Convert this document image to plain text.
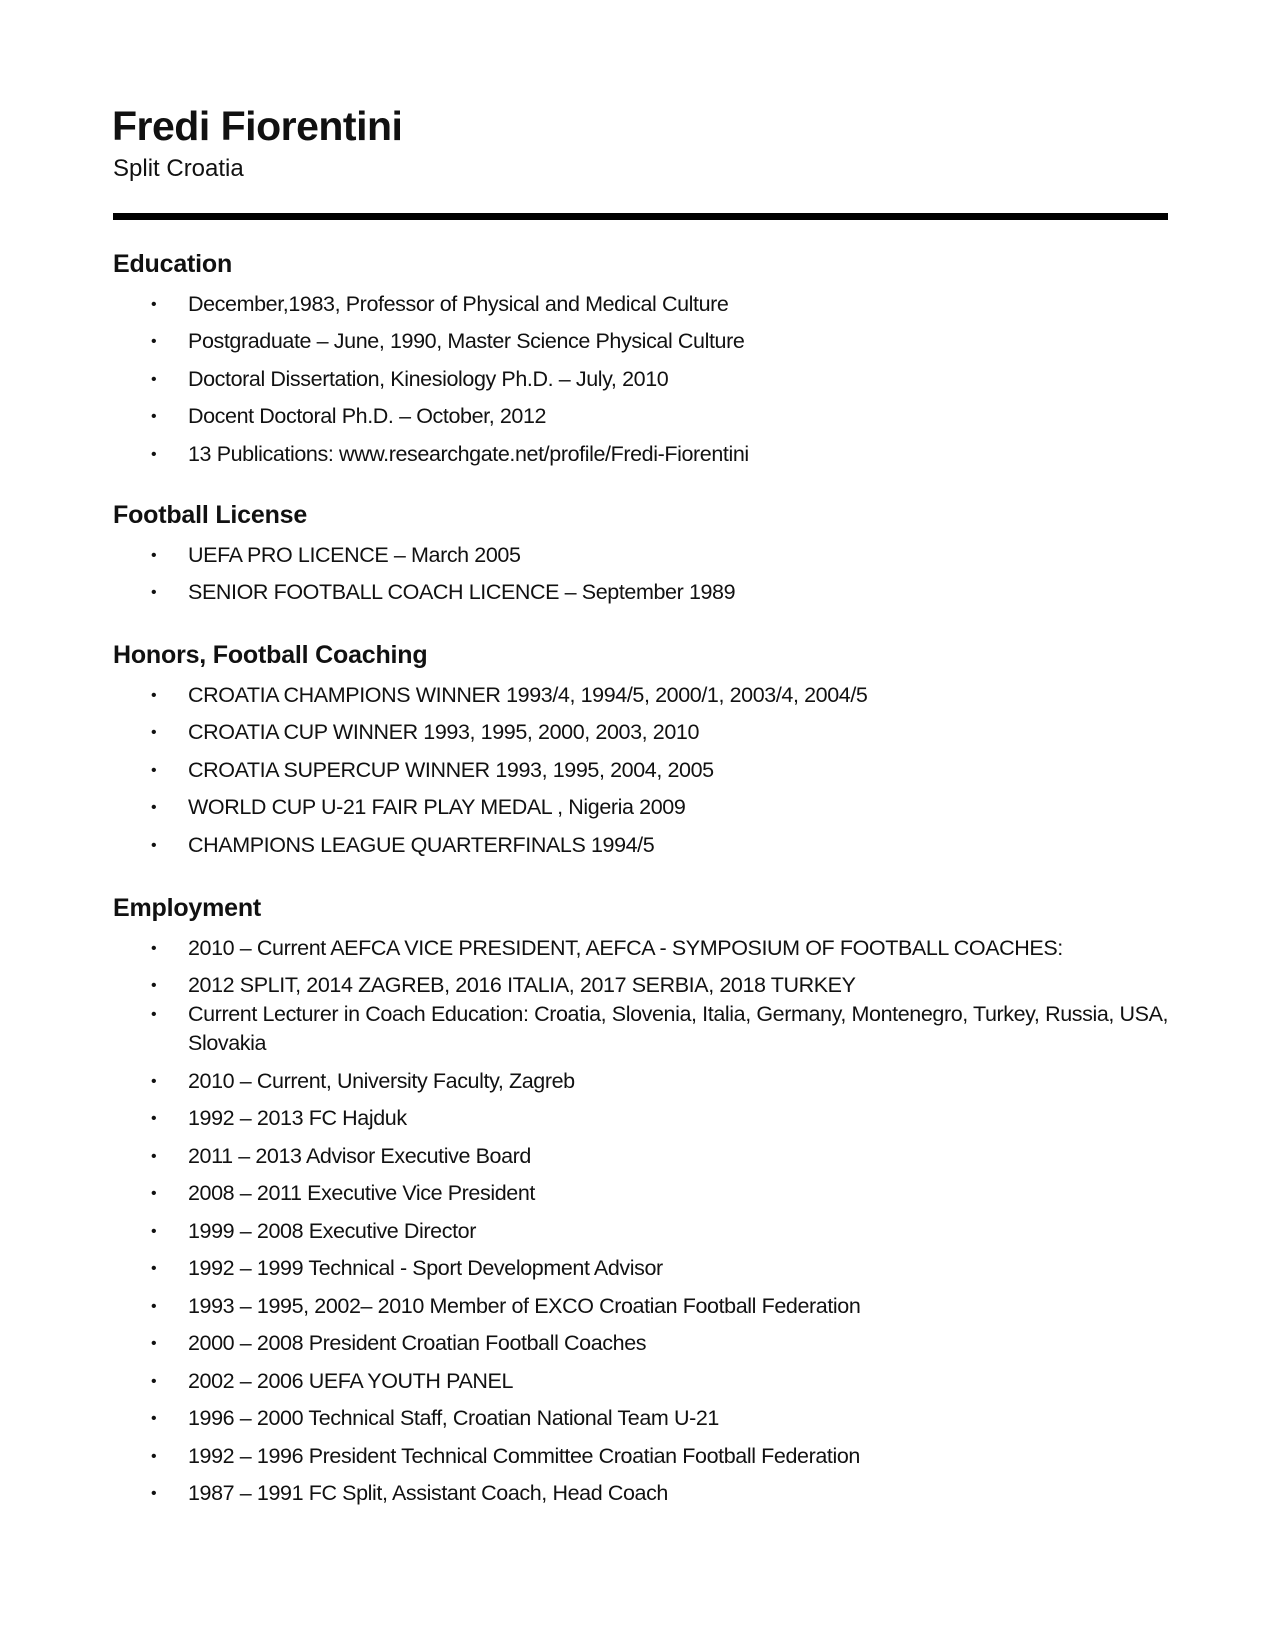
Fredi Fiorentini

Split Croatia

Education
• December,1983, Professor of Physical and Medical Culture
• Postgraduate – June, 1990, Master Science Physical Culture
• Doctoral Dissertation, Kinesiology Ph.D. – July, 2010
• Docent Doctoral Ph.D. – October, 2012
• 13 Publications: www.researchgate.net/profile/Fredi-Fiorentini
Football License
• UEFA PRO LICENCE – March 2005
• SENIOR FOOTBALL COACH LICENCE – September 1989
Honors, Football Coaching
• CROATIA CHAMPIONS WINNER 1993/4, 1994/5, 2000/1, 2003/4, 2004/5
• CROATIA CUP WINNER 1993, 1995, 2000, 2003, 2010
• CROATIA SUPERCUP WINNER 1993, 1995, 2004, 2005
• WORLD CUP U-21 FAIR PLAY MEDAL , Nigeria 2009
• CHAMPIONS LEAGUE QUARTERFINALS 1994/5
Employment
• 2010 – Current AEFCA VICE PRESIDENT, AEFCA - SYMPOSIUM OF FOOTBALL COACHES:
• 2012 SPLIT, 2014 ZAGREB, 2016 ITALIA, 2017 SERBIA, 2018 TURKEY
• Current Lecturer in Coach Education: Croatia, Slovenia, Italia, Germany, Montenegro, Turkey, Russia, USA, Slovakia
• 2010 – Current, University Faculty, Zagreb
• 1992 – 2013 FC Hajduk
• 2011 – 2013 Advisor Executive Board
• 2008 – 2011 Executive Vice President
• 1999 – 2008 Executive Director
• 1992 – 1999 Technical - Sport Development Advisor
• 1993 – 1995, 2002– 2010 Member of EXCO Croatian Football Federation
• 2000 – 2008 President Croatian Football Coaches
• 2002 – 2006 UEFA YOUTH PANEL
• 1996 – 2000 Technical Staff, Croatian National Team U-21
• 1992 – 1996 President Technical Committee Croatian Football Federation
• 1987 – 1991 FC Split, Assistant Coach, Head Coach
